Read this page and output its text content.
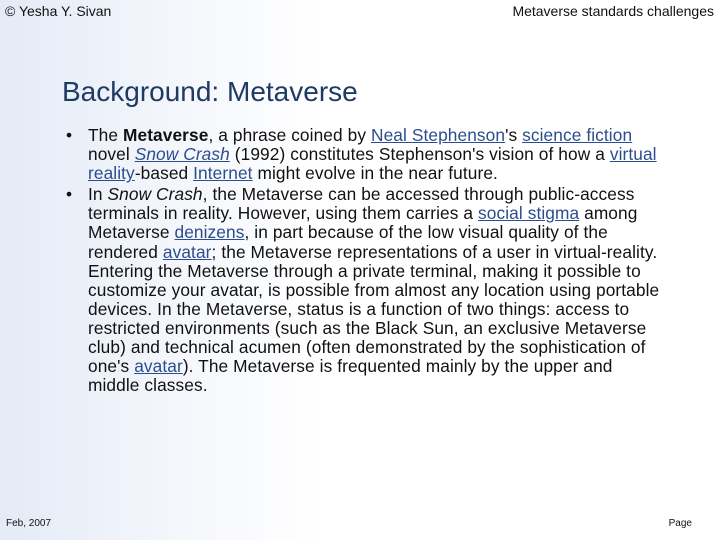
© Yesha Y. Sivan	Metaverse standards challenges
Background: Metaverse

• The Metaverse, a phrase coined by Neal Stephenson's science fiction novel Snow Crash (1992) constitutes Stephenson's vision of how a virtual reality-based Internet might evolve in the near future.

• In Snow Crash, the Metaverse can be accessed through public-access terminals in reality. However, using them carries a social stigma among Metaverse denizens, in part because of the low visual quality of the rendered avatar; the Metaverse representations of a user in virtual-reality. Entering the Metaverse through a private terminal, making it possible to customize your avatar, is possible from almost any location using portable devices. In the Metaverse, status is a function of two things: access to restricted environments (such as the Black Sun, an exclusive Metaverse club) and technical acumen (often demonstrated by the sophistication of one's avatar). The Metaverse is frequented mainly by the upper and middle classes.

Feb, 2007	Page
